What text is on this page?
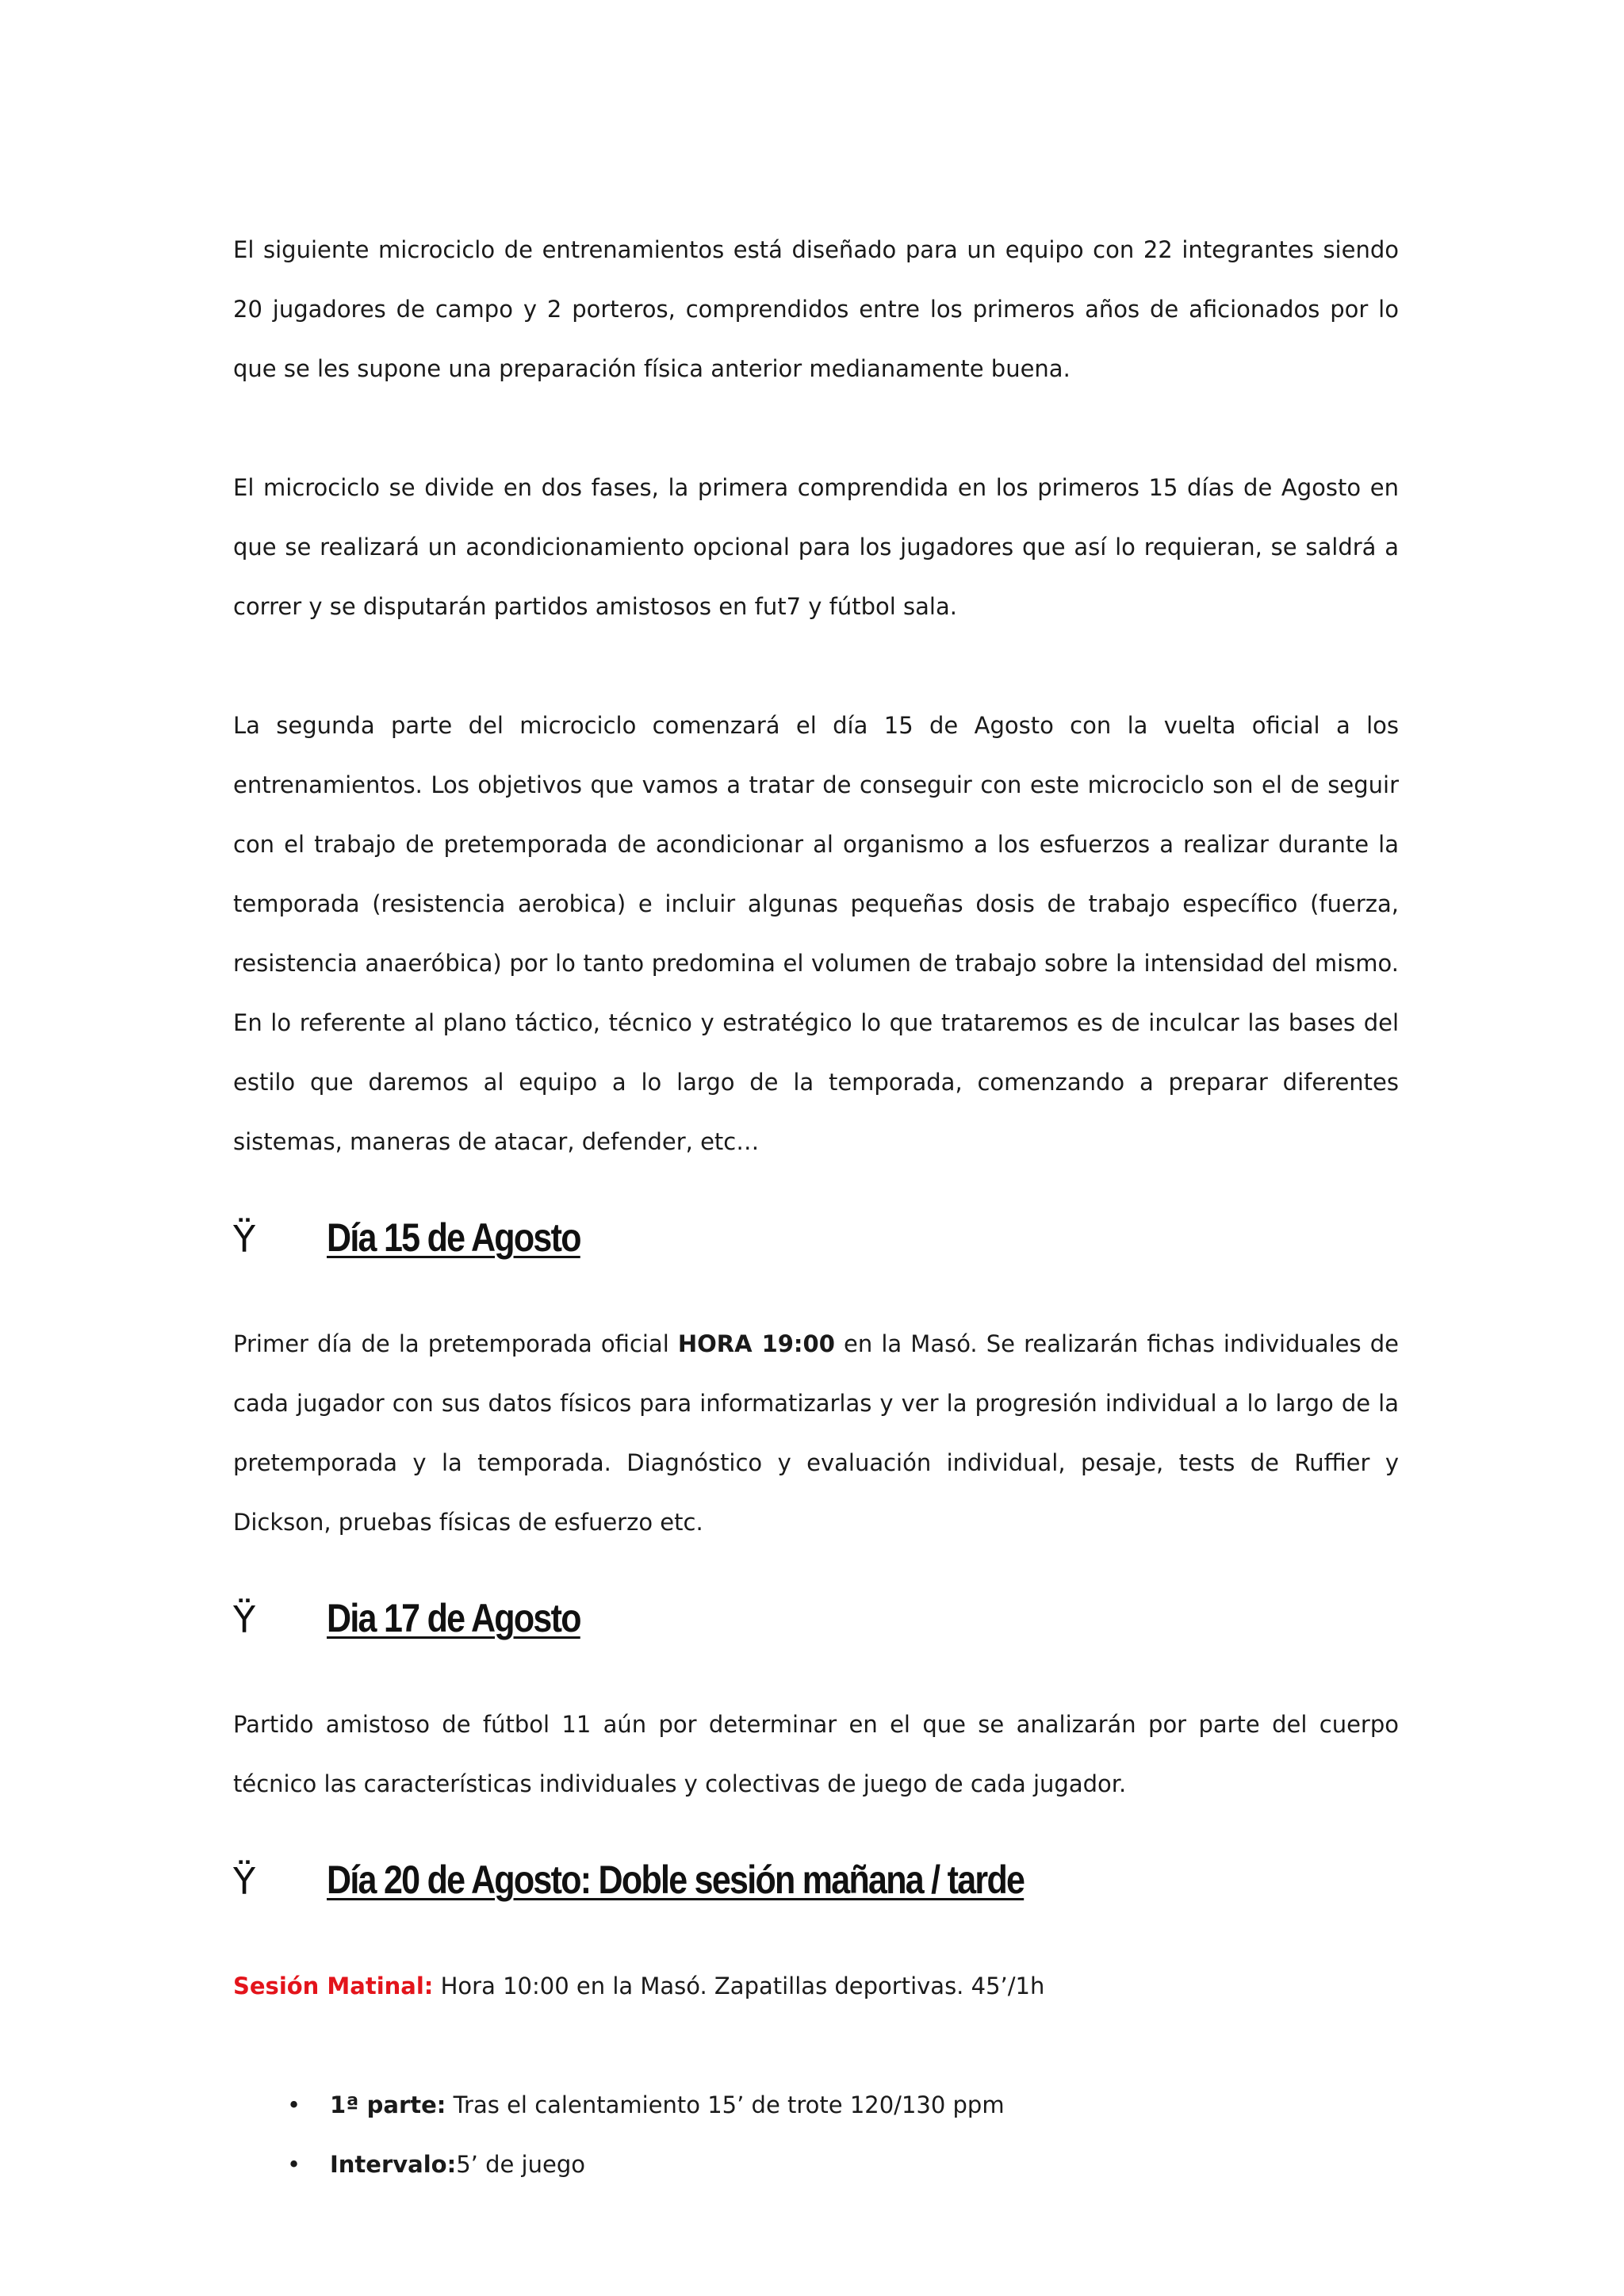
El siguiente microciclo de entrenamientos está diseñado para un equipo con 22 integrantes siendo 20 jugadores de campo y 2 porteros, comprendidos entre los primeros años de aficionados por lo que se les supone una preparación física anterior medianamente buena.

El microciclo se divide en dos fases, la primera comprendida en los primeros 15 días de Agosto en que se realizará un acondicionamiento opcional para los jugadores que así lo requieran, se saldrá a correr y se disputarán partidos amistosos en fut7 y fútbol sala.

La segunda parte del microciclo comenzará el día 15 de Agosto con la vuelta oficial a los entrenamientos. Los objetivos que vamos a tratar de conseguir con este microciclo son el de seguir con el trabajo de pretemporada de acondicionar al organismo a los esfuerzos a realizar durante la temporada (resistencia aerobica) e incluir algunas pequeñas dosis de trabajo específico (fuerza, resistencia anaeróbica) por lo tanto predomina el volumen de trabajo sobre la intensidad del mismo. En lo referente al plano táctico, técnico y estratégico lo que trataremos es de inculcar las bases del estilo que daremos al equipo a lo largo de la temporada, comenzando a preparar diferentes sistemas, maneras de atacar, defender, etc…

Ÿ Día 15 de Agosto

Primer día de la pretemporada oficial HORA 19:00 en la Masó. Se realizarán fichas individuales de cada jugador con sus datos físicos para informatizarlas y ver la progresión individual a lo largo de la pretemporada y la temporada. Diagnóstico y evaluación individual, pesaje, tests de Ruffier y Dickson, pruebas físicas de esfuerzo etc.

Ÿ Dia 17 de Agosto

Partido amistoso de fútbol 11 aún por determinar en el que se analizarán por parte del cuerpo técnico las características individuales y colectivas de juego de cada jugador.

Ÿ Día 20 de Agosto: Doble sesión mañana / tarde

Sesión Matinal: Hora 10:00 en la Masó. Zapatillas deportivas. 45’/1h

• 1ª parte: Tras el calentamiento 15’ de trote 120/130 ppm
• Intervalo:5’ de juego
